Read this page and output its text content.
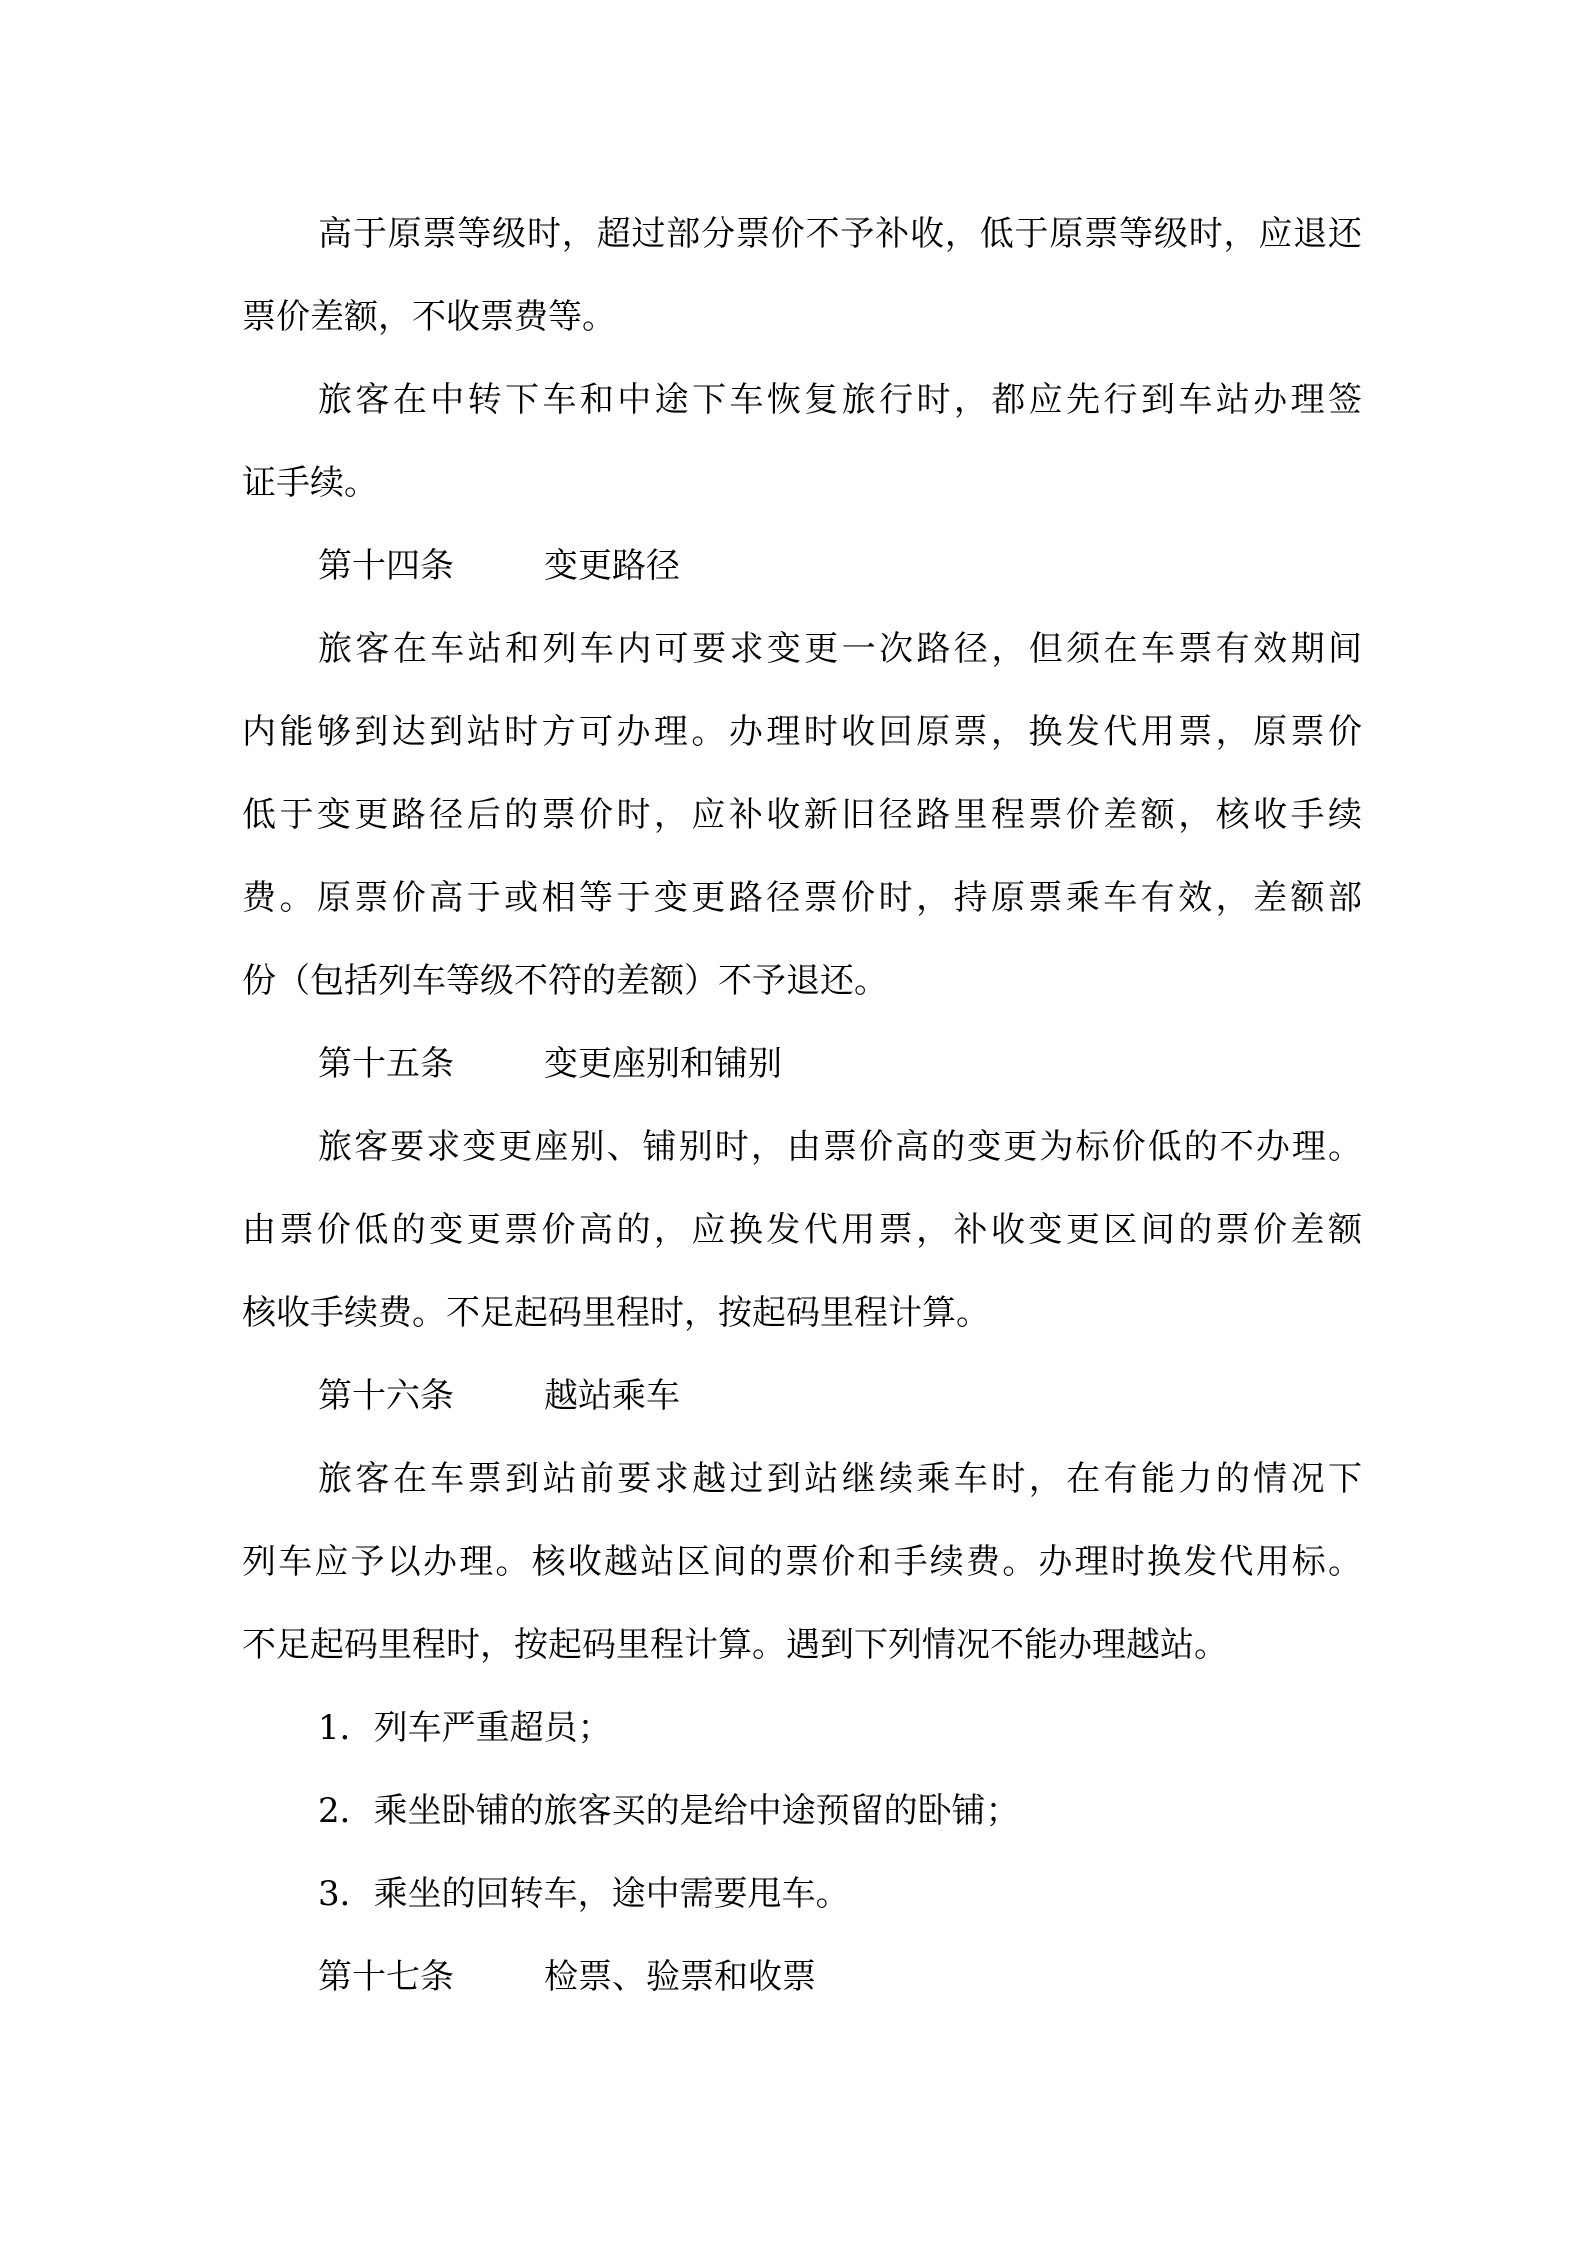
高于原票等级时，超过部分票价不予补收，低于原票等级时，应退还
票价差额，不收票费等。
旅客在中转下车和中途下车恢复旅行时，都应先行到车站办理签
证手续。
第十四条	变更路径
旅客在车站和列车内可要求变更一次路径，但须在车票有效期间
内能够到达到站时方可办理。办理时收回原票，换发代用票，原票价
低于变更路径后的票价时，应补收新旧径路里程票价差额，核收手续
费。原票价高于或相等于变更路径票价时，持原票乘车有效，差额部
份（包括列车等级不符的差额）不予退还。
第十五条	变更座别和铺别
旅客要求变更座别、铺别时，由票价高的变更为标价低的不办理。
由票价低的变更票价高的，应换发代用票，补收变更区间的票价差额
核收手续费。不足起码里程时，按起码里程计算。
第十六条	越站乘车
旅客在车票到站前要求越过到站继续乘车时，在有能力的情况下
列车应予以办理。核收越站区间的票价和手续费。办理时换发代用标。
不足起码里程时，按起码里程计算。遇到下列情况不能办理越站。
1．列车严重超员；
2．乘坐卧铺的旅客买的是给中途预留的卧铺；
3．乘坐的回转车，途中需要甩车。
第十七条	检票、验票和收票
